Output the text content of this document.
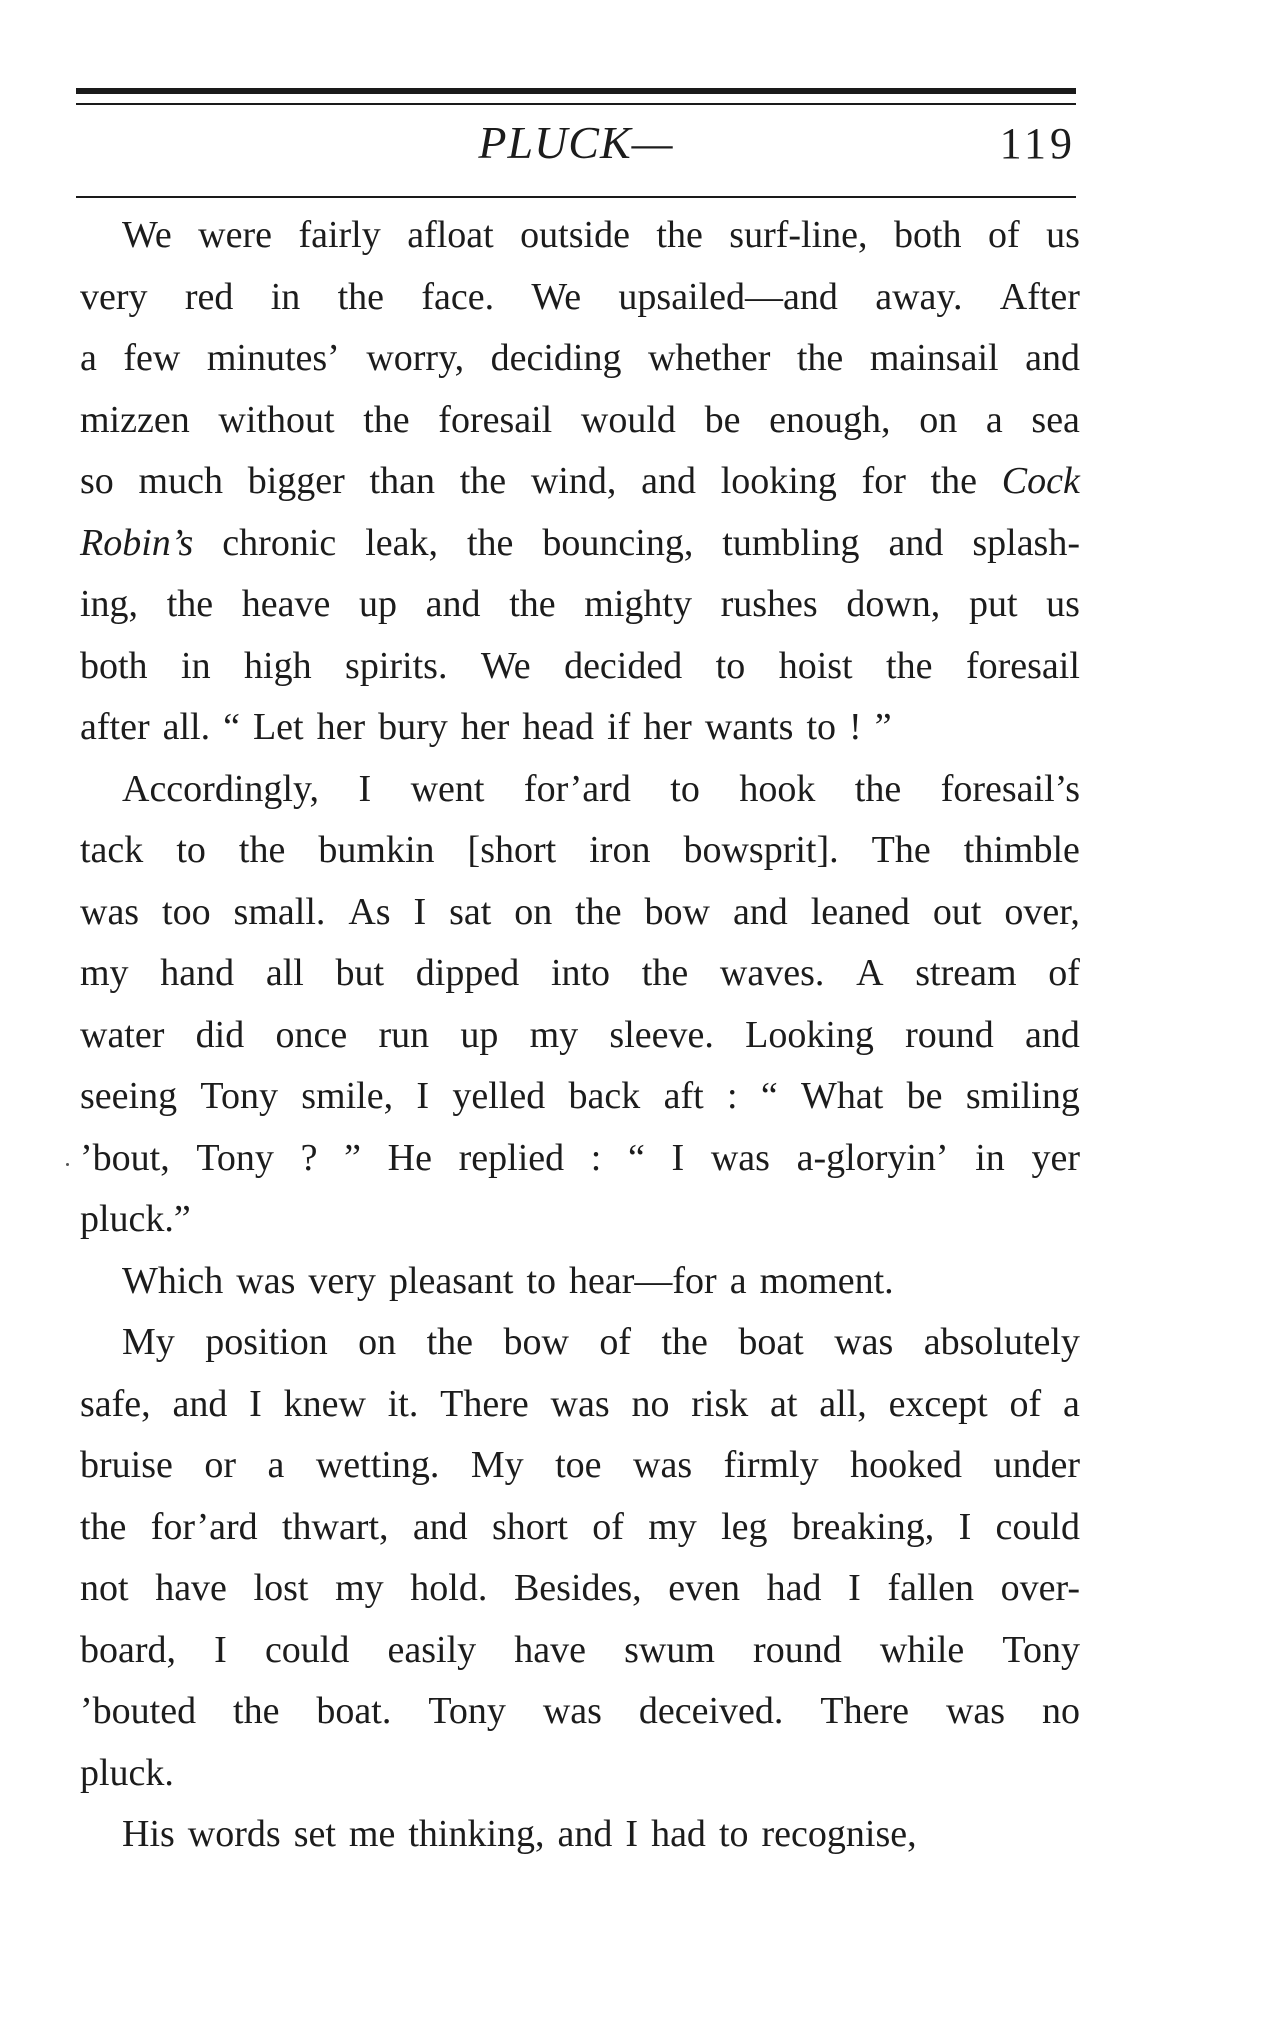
PLUCK—	119
We were fairly afloat outside the surf-line, both of us
very red in the face. We upsailed—and away. After
a few minutes’ worry, deciding whether the mainsail and
mizzen without the foresail would be enough, on a sea
so much bigger than the wind, and looking for the Cock
Robin’s chronic leak, the bouncing, tumbling and splash-
ing, the heave up and the mighty rushes down, put us
both in high spirits. We decided to hoist the foresail
after all. “ Let her bury her head if her wants to ! ”
Accordingly, I went for’ard to hook the foresail’s
tack to the bumkin [short iron bowsprit]. The thimble
was too small. As I sat on the bow and leaned out over,
my hand all but dipped into the waves. A stream of
water did once run up my sleeve. Looking round and
seeing Tony smile, I yelled back aft : “ What be smiling
’bout, Tony ? ” He replied : “ I was a-gloryin’ in yer
pluck.”
Which was very pleasant to hear—for a moment.
My position on the bow of the boat was absolutely
safe, and I knew it. There was no risk at all, except of a
bruise or a wetting. My toe was firmly hooked under
the for’ard thwart, and short of my leg breaking, I could
not have lost my hold. Besides, even had I fallen over-
board, I could easily have swum round while Tony
’bouted the boat. Tony was deceived. There was no
pluck.
His words set me thinking, and I had to recognise,
